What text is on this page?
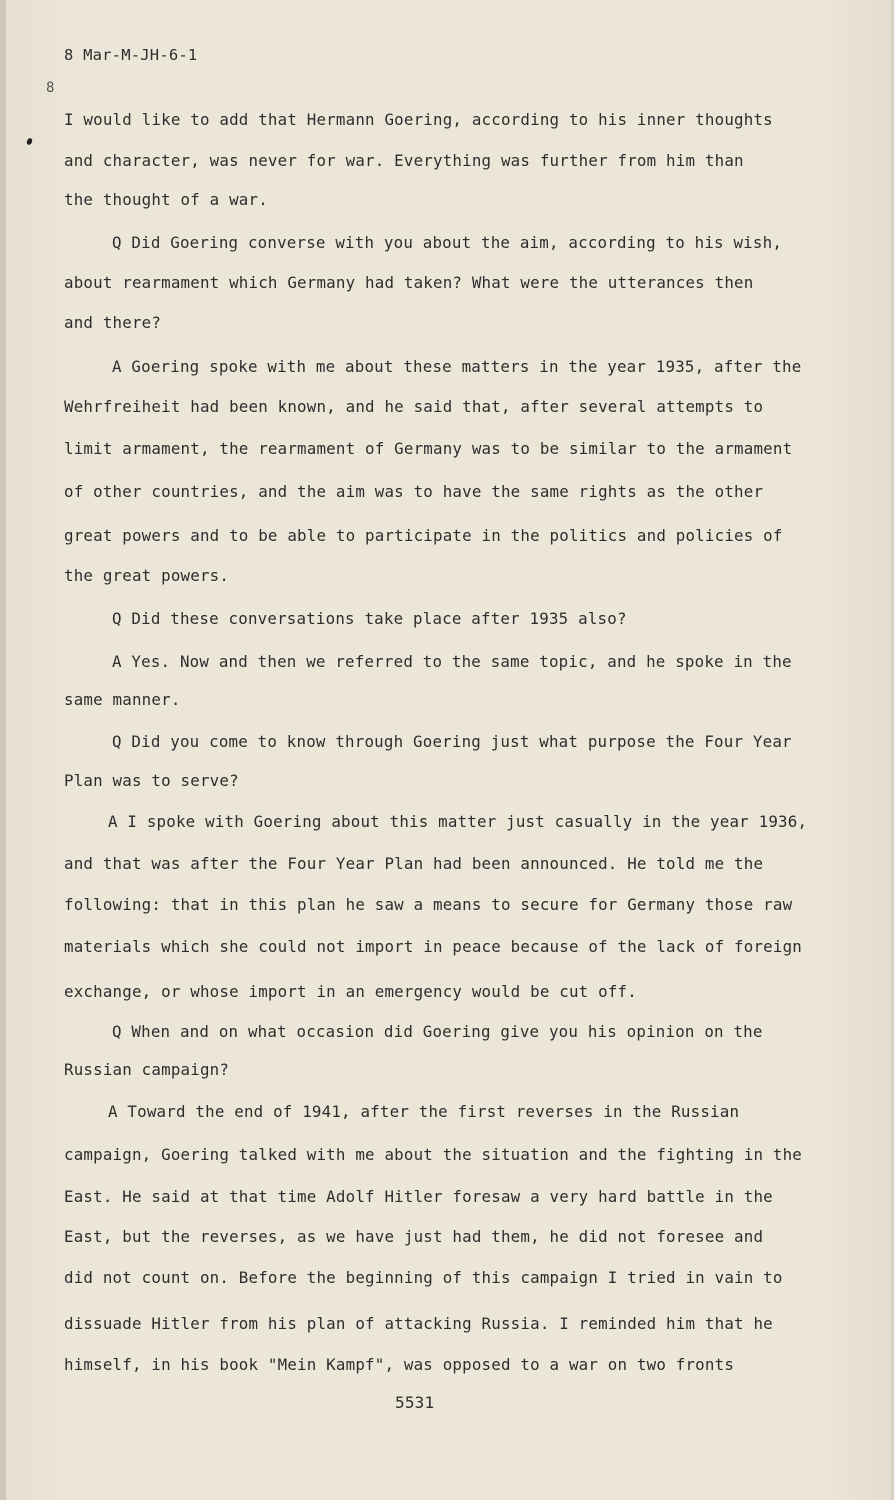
8 Mar-M-JH-6-1
8
I would like to add that Hermann Goering, according to his inner thoughts
and character, was never for war. Everything was further from him than
the thought of a war.
Q Did Goering converse with you about the aim, according to his wish,
about rearmament which Germany had taken? What were the utterances then
and there?
A Goering spoke with me about these matters in the year 1935, after the
Wehrfreiheit had been known, and he said that, after several attempts to
limit armament, the rearmament of Germany was to be similar to the armament
of other countries, and the aim was to have the same rights as the other
great powers and to be able to participate in the politics and policies of
the great powers.
Q Did these conversations take place after 1935 also?
A Yes. Now and then we referred to the same topic, and he spoke in the
same manner.
Q Did you come to know through Goering just what purpose the Four Year
Plan was to serve?
A I spoke with Goering about this matter just casually in the year 1936,
and that was after the Four Year Plan had been announced. He told me the
following: that in this plan he saw a means to secure for Germany those raw
materials which she could not import in peace because of the lack of foreign
exchange, or whose import in an emergency would be cut off.
Q When and on what occasion did Goering give you his opinion on the
Russian campaign?
A Toward the end of 1941, after the first reverses in the Russian
campaign, Goering talked with me about the situation and the fighting in the
East. He said at that time Adolf Hitler foresaw a very hard battle in the
East, but the reverses, as we have just had them, he did not foresee and
did not count on. Before the beginning of this campaign I tried in vain to
dissuade Hitler from his plan of attacking Russia. I reminded him that he
himself, in his book "Mein Kampf", was opposed to a war on two fronts
5531
